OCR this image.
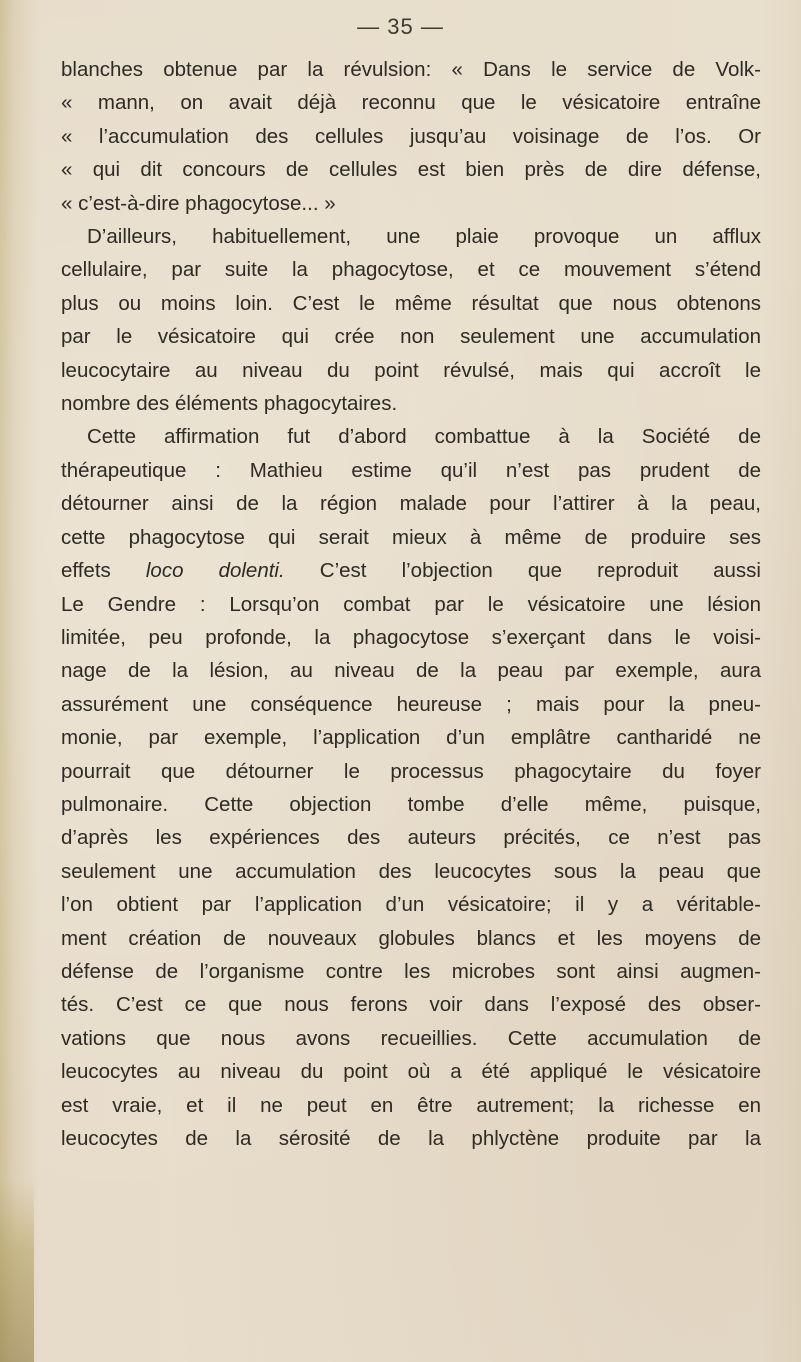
— 35 —
blanches obtenue par la révulsion: « Dans le service de Volk-
« mann, on avait déjà reconnu que le vésicatoire entraîne
« l’accumulation des cellules jusqu’au voisinage de l’os. Or
« qui dit concours de cellules est bien près de dire défense,
« c’est-à-dire phagocytose... »
D’ailleurs, habituellement, une plaie provoque un afflux
cellulaire, par suite la phagocytose, et ce mouvement s’étend
plus ou moins loin. C’est le même résultat que nous obtenons
par le vésicatoire qui crée non seulement une accumulation
leucocytaire au niveau du point révulsé, mais qui accroît le
nombre des éléments phagocytaires.
Cette affirmation fut d’abord combattue à la Société de
thérapeutique : Mathieu estime qu’il n’est pas prudent de
détourner ainsi de la région malade pour l’attirer à la peau,
cette phagocytose qui serait mieux à même de produire ses
effets loco dolenti. C’est l’objection que reproduit aussi
Le Gendre : Lorsqu’on combat par le vésicatoire une lésion
limitée, peu profonde, la phagocytose s’exerçant dans le voisi-
nage de la lésion, au niveau de la peau par exemple, aura
assurément une conséquence heureuse ; mais pour la pneu-
monie, par exemple, l’application d’un emplâtre cantharidé ne
pourrait que détourner le processus phagocytaire du foyer
pulmonaire. Cette objection tombe d’elle même, puisque,
d’après les expériences des auteurs précités, ce n’est pas
seulement une accumulation des leucocytes sous la peau que
l’on obtient par l’application d’un vésicatoire; il y a véritable-
ment création de nouveaux globules blancs et les moyens de
défense de l’organisme contre les microbes sont ainsi augmen-
tés. C’est ce que nous ferons voir dans l’exposé des obser-
vations que nous avons recueillies. Cette accumulation de
leucocytes au niveau du point où a été appliqué le vésicatoire
est vraie, et il ne peut en être autrement; la richesse en
leucocytes de la sérosité de la phlyctène produite par la
